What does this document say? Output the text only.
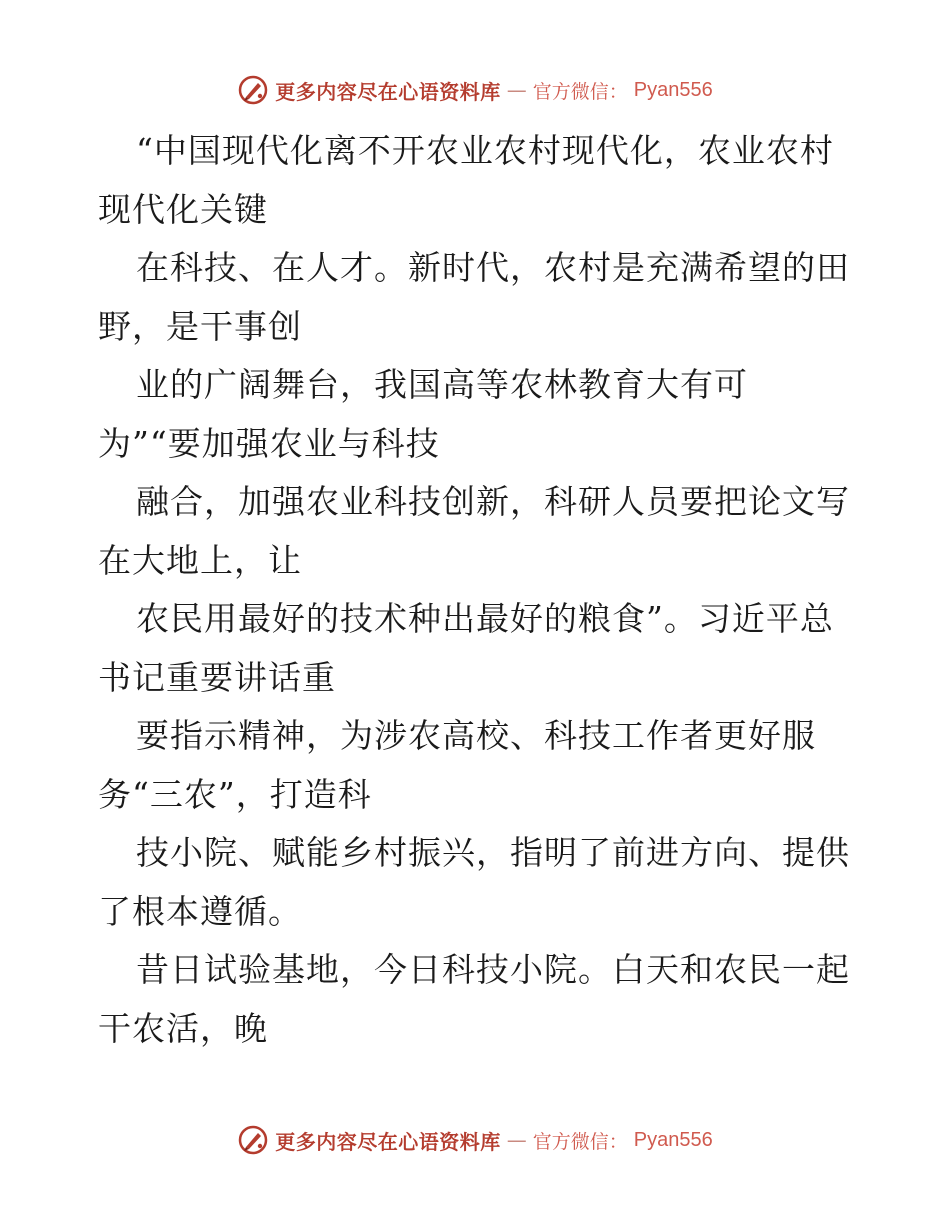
更多内容尽在心语资料库 — 官方微信： Pyan556
“中国现代化离不开农业农村现代化，农业农村
现代化关键
在科技、在人才。新时代，农村是充满希望的田
野，是干事创
业的广阔舞台，我国高等农林教育大有可
为”“要加强农业与科技
融合，加强农业科技创新，科研人员要把论文写
在大地上，让
农民用最好的技术种出最好的粮食”。习近平总
书记重要讲话重
要指示精神，为涉农高校、科技工作者更好服
务“三农”，打造科
技小院、赋能乡村振兴，指明了前进方向、提供
了根本遵循。
昔日试验基地，今日科技小院。白天和农民一起
干农活，晚
更多内容尽在心语资料库 — 官方微信： Pyan556
